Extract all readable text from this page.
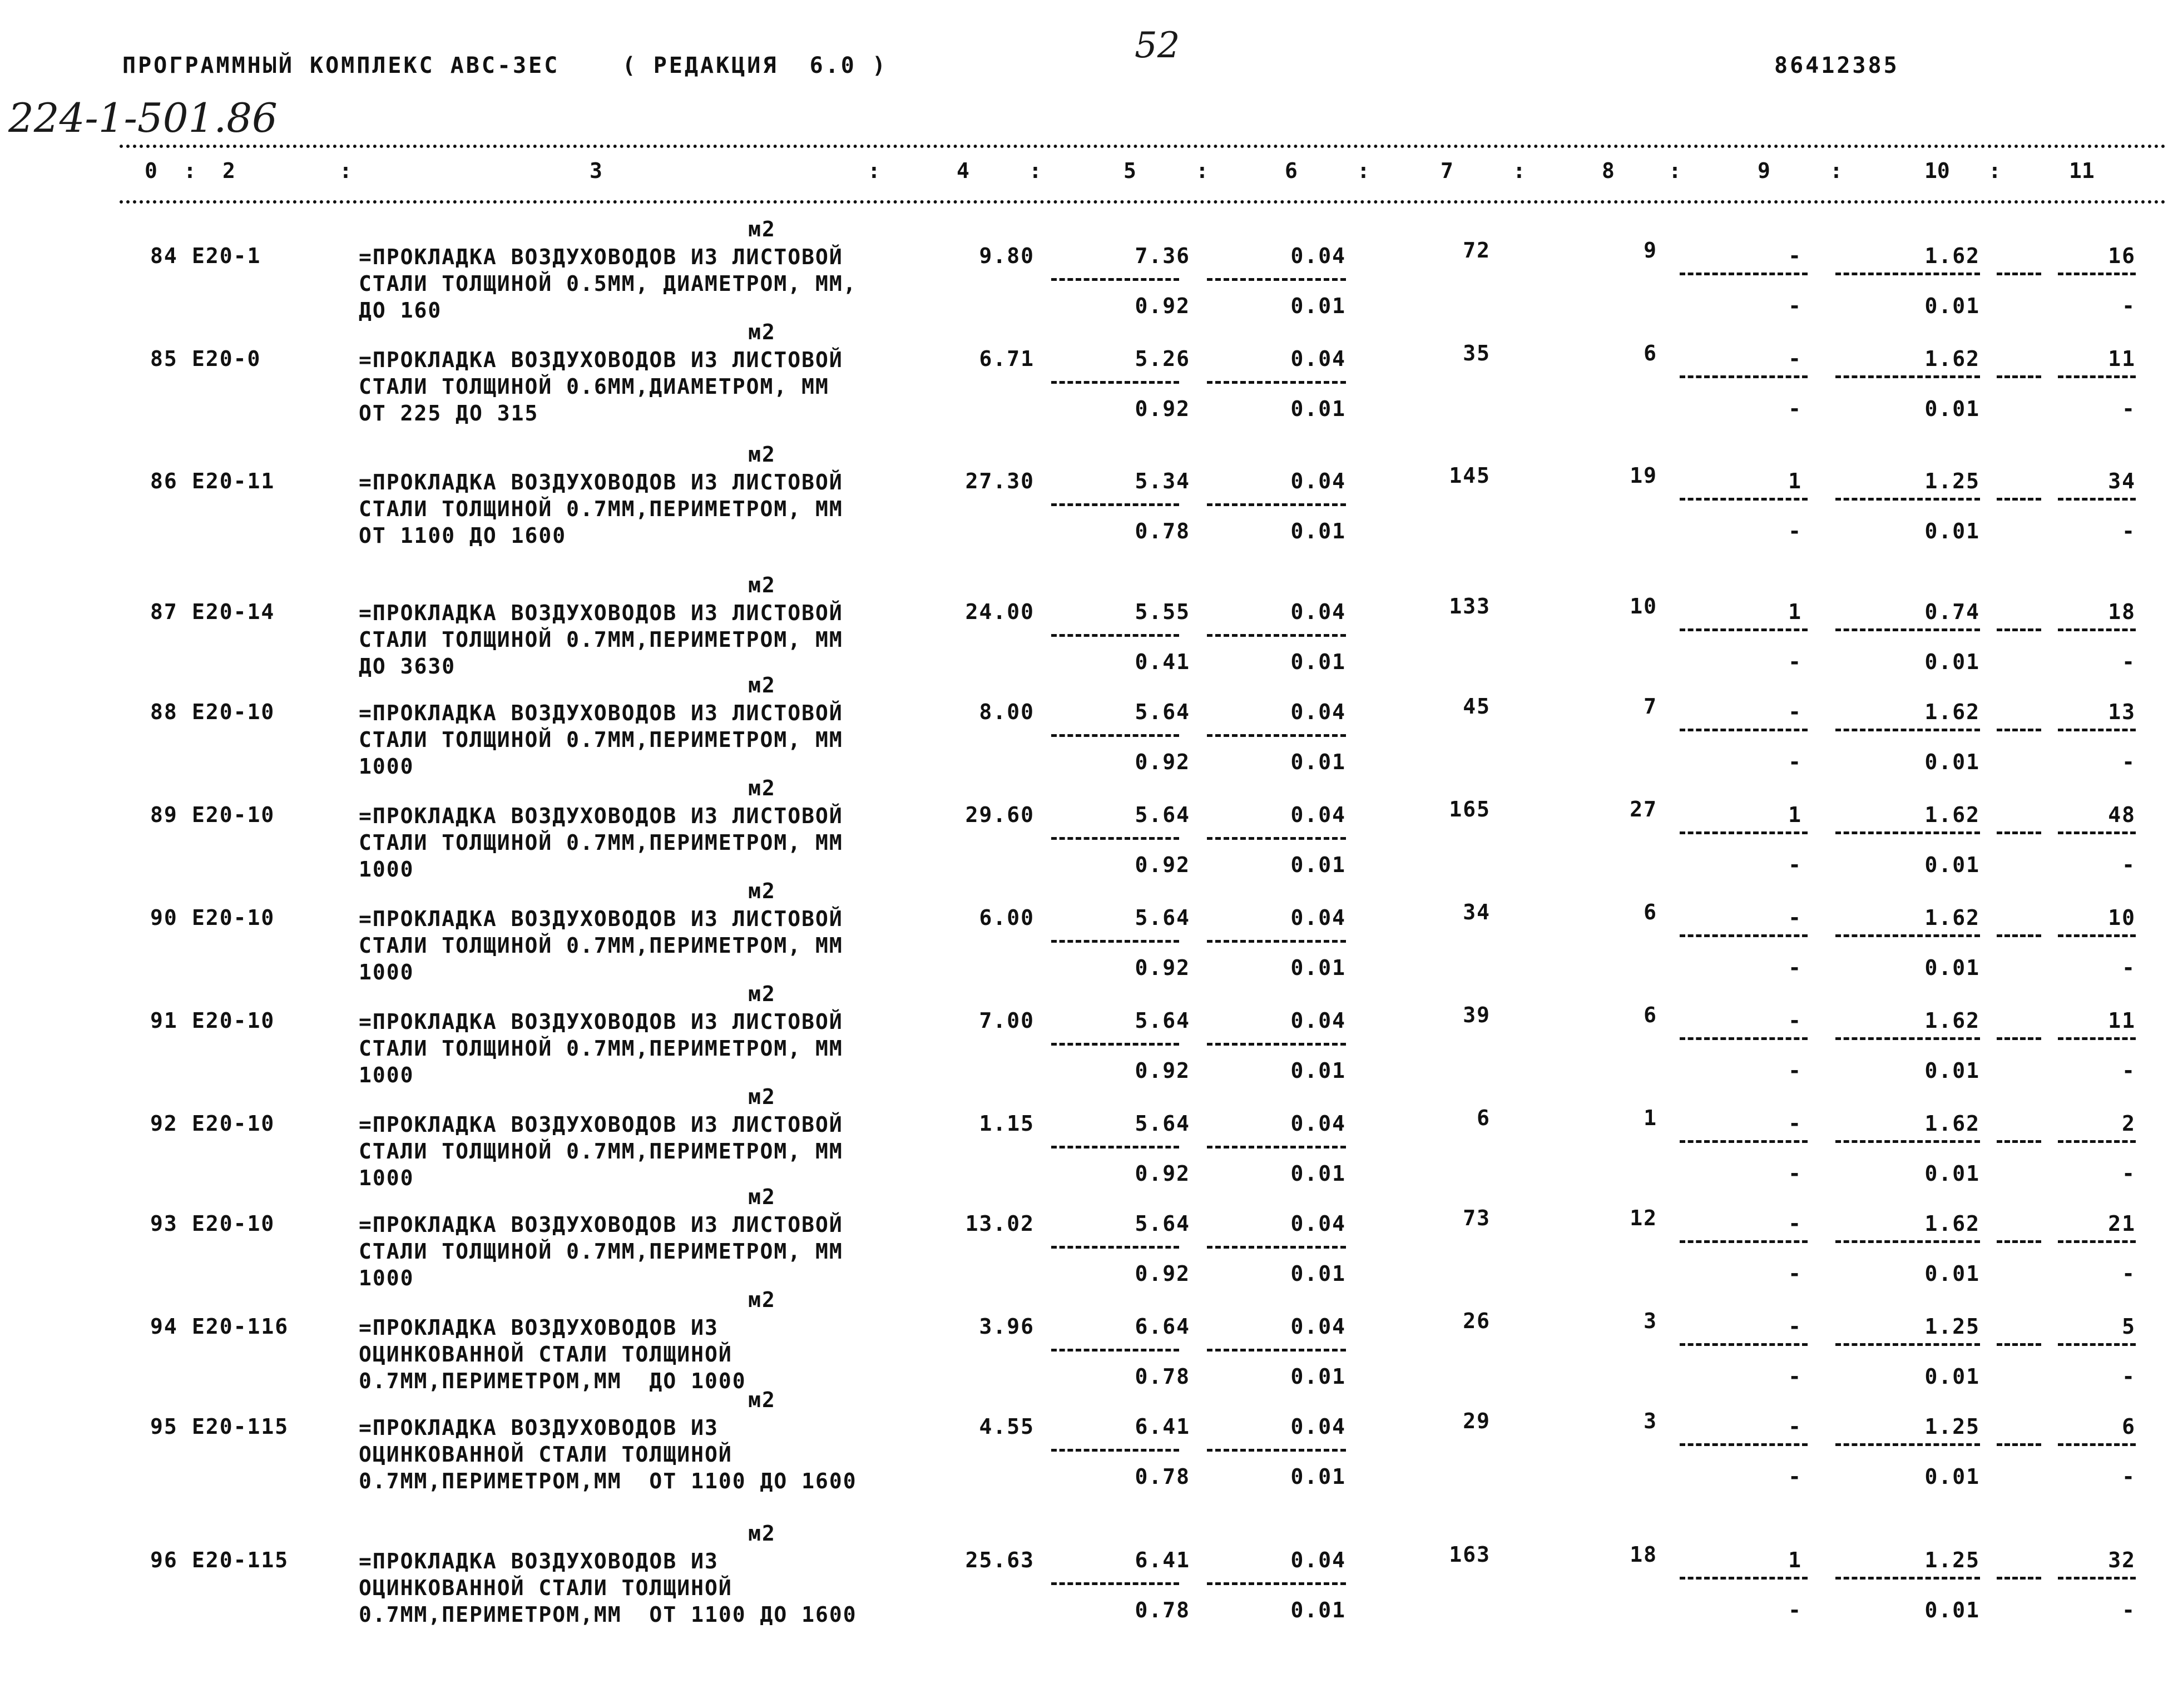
ПРОГРАММНЫЙ КОМПЛЕКС АВС-3ЕС    ( РЕДАКЦИЯ  6.0 )	52	86412385
224-1-501.86
0	2	3	4	5	6	7	8	9	10	11
:	:	:	:	:	:	:	:	:	:
м2
84 Е20-1	=ПРОКЛАДКА ВОЗДУХОВОДОВ ИЗ ЛИСТОВОЙ СТАЛИ ТОЛЩИНОЙ 0.5ММ, ДИАМЕТРОМ, ММ, ДО 160
9.80	7.36	0.04	72	9	-	1.62	16
0.92	0.01	-	0.01	-
м2
85 Е20-0	=ПРОКЛАДКА ВОЗДУХОВОДОВ ИЗ ЛИСТОВОЙ СТАЛИ ТОЛЩИНОЙ 0.6ММ,ДИАМЕТРОМ, ММ ОТ 225 ДО 315
6.71	5.26	0.04	35	6	-	1.62	11
0.92	0.01	-	0.01	-
м2
86 Е20-11	=ПРОКЛАДКА ВОЗДУХОВОДОВ ИЗ ЛИСТОВОЙ СТАЛИ ТОЛЩИНОЙ 0.7ММ,ПЕРИМЕТРОМ, ММ ОТ 1100 ДО 1600
27.30	5.34	0.04	145	19	1	1.25	34
0.78	0.01	-	0.01	-
м2
87 Е20-14	=ПРОКЛАДКА ВОЗДУХОВОДОВ ИЗ ЛИСТОВОЙ СТАЛИ ТОЛЩИНОЙ 0.7ММ,ПЕРИМЕТРОМ, ММ ДО 3630
24.00	5.55	0.04	133	10	1	0.74	18
0.41	0.01	-	0.01	-
м2
88 Е20-10	=ПРОКЛАДКА ВОЗДУХОВОДОВ ИЗ ЛИСТОВОЙ СТАЛИ ТОЛЩИНОЙ 0.7ММ,ПЕРИМЕТРОМ, ММ 1000
8.00	5.64	0.04	45	7	-	1.62	13
0.92	0.01	-	0.01	-
м2
89 Е20-10	=ПРОКЛАДКА ВОЗДУХОВОДОВ ИЗ ЛИСТОВОЙ СТАЛИ ТОЛЩИНОЙ 0.7ММ,ПЕРИМЕТРОМ, ММ 1000
29.60	5.64	0.04	165	27	1	1.62	48
0.92	0.01	-	0.01	-
м2
90 Е20-10	=ПРОКЛАДКА ВОЗДУХОВОДОВ ИЗ ЛИСТОВОЙ СТАЛИ ТОЛЩИНОЙ 0.7ММ,ПЕРИМЕТРОМ, ММ 1000
6.00	5.64	0.04	34	6	-	1.62	10
0.92	0.01	-	0.01	-
м2
91 Е20-10	=ПРОКЛАДКА ВОЗДУХОВОДОВ ИЗ ЛИСТОВОЙ СТАЛИ ТОЛЩИНОЙ 0.7ММ,ПЕРИМЕТРОМ, ММ 1000
7.00	5.64	0.04	39	6	-	1.62	11
0.92	0.01	-	0.01	-
м2
92 Е20-10	=ПРОКЛАДКА ВОЗДУХОВОДОВ ИЗ ЛИСТОВОЙ СТАЛИ ТОЛЩИНОЙ 0.7ММ,ПЕРИМЕТРОМ, ММ 1000
1.15	5.64	0.04	6	1	-	1.62	2
0.92	0.01	-	0.01	-
м2
93 Е20-10	=ПРОКЛАДКА ВОЗДУХОВОДОВ ИЗ ЛИСТОВОЙ СТАЛИ ТОЛЩИНОЙ 0.7ММ,ПЕРИМЕТРОМ, ММ 1000
13.02	5.64	0.04	73	12	-	1.62	21
0.92	0.01	-	0.01	-
м2
94 Е20-116	=ПРОКЛАДКА ВОЗДУХОВОДОВ ИЗ ОЦИНКОВАННОЙ СТАЛИ ТОЛЩИНОЙ 0.7ММ,ПЕРИМЕТРОМ,ММ  ДО 1000
3.96	6.64	0.04	26	3	-	1.25	5
0.78	0.01	-	0.01	-
м2
95 Е20-115	=ПРОКЛАДКА ВОЗДУХОВОДОВ ИЗ ОЦИНКОВАННОЙ СТАЛИ ТОЛЩИНОЙ 0.7ММ,ПЕРИМЕТРОМ,ММ  ОТ 1100 ДО 1600
4.55	6.41	0.04	29	3	-	1.25	6
0.78	0.01	-	0.01	-
м2
96 Е20-115	=ПРОКЛАДКА ВОЗДУХОВОДОВ ИЗ ОЦИНКОВАННОЙ СТАЛИ ТОЛЩИНОЙ 0.7ММ,ПЕРИМЕТРОМ,ММ  ОТ 1100 ДО 1600
25.63	6.41	0.04	163	18	1	1.25	32
0.78	0.01	-	0.01	-
